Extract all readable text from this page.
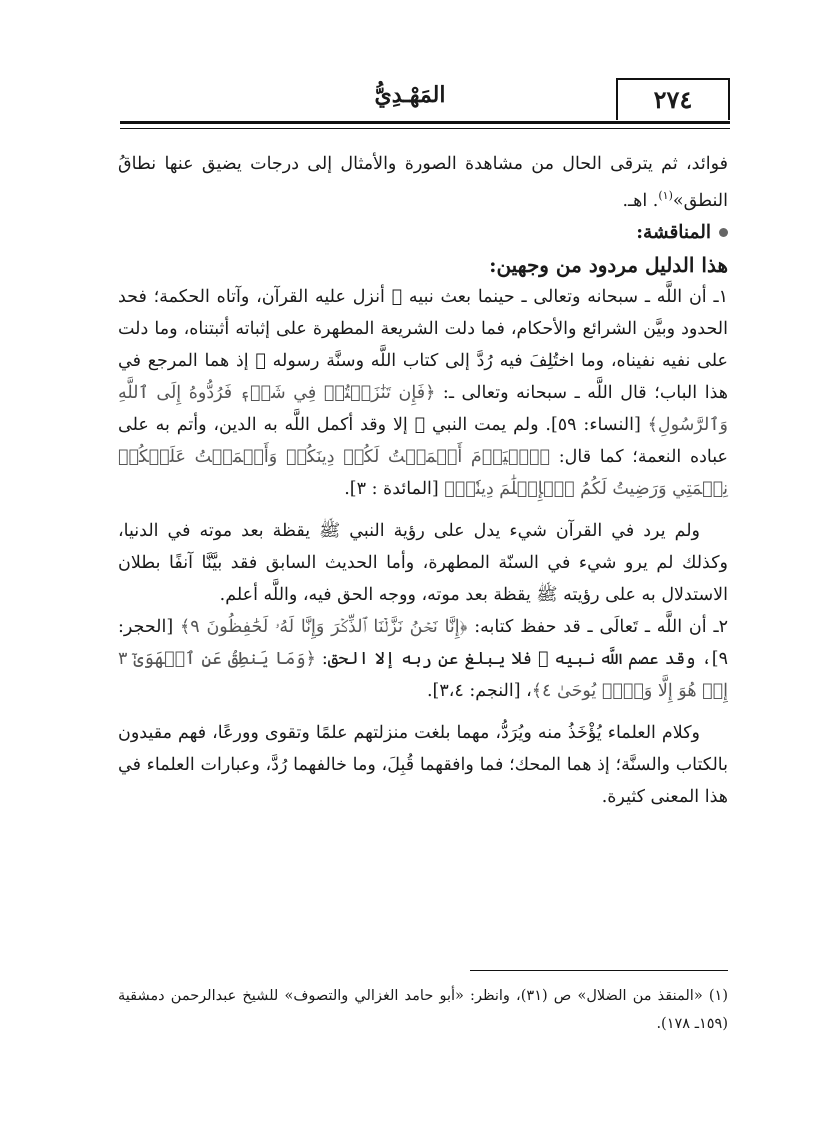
٢٧٤
المَهْـدِيُّ

فوائد، ثم يترقى الحال من مشاهدة الصورة والأمثال إلى درجات يضيق عنها نطاقُ النطق»$^{(١)}$. اهـ.

المناقشة:

هذا الدليل مردود من وجهين:

١ـ أن اللَّه ـ سبحانه وتعالى ـ حينما بعث نبيه ﷺ أنزل عليه القرآن، وآتاه الحكمة؛ فحد الحدود وبيَّن الشرائع والأحكام، فما دلت الشريعة المطهرة على إثباته أثبتناه، وما دلت على نفيه نفيناه، وما اختُلِفَ فيه رُدَّ إلى كتاب اللَّه وسنَّة رسوله ﷺ إذ هما المرجع في هذا الباب؛ قال اللَّه ـ سبحانه وتعالى ـ: ﴿فَإِن تَنَٰزَعۡتُمۡ فِي شَيۡءٖ فَرُدُّوهُ إِلَى ٱللَّهِ وَٱلرَّسُولِ﴾ [النساء: ٥٩]. ولم يمت النبي ﷺ إلا وقد أكمل اللَّه به الدين، وأتم به على عباده النعمة؛ كما قال: ﴿ٱلۡيَوۡمَ أَكۡمَلۡتُ لَكُمۡ دِينَكُمۡ وَأَتۡمَمۡتُ عَلَيۡكُمۡ نِعۡمَتِي وَرَضِيتُ لَكُمُ ٱلۡإِسۡلَٰمَ دِينٗاۚ﴾ [المائدة : ٣].

ولم يرد في القرآن شيء يدل على رؤية النبي ﷺ يقظة بعد موته في الدنيا، وكذلك لم يرو شيء في السنّة المطهرة، وأما الحديث السابق فقد بيَّنَّا آنفًا بطلان الاستدلال به على رؤيته ﷺ يقظة بعد موته، ووجه الحق فيه، واللَّه أعلم.

٢ـ أن اللَّه ـ تَعالَى ـ قد حفظ كتابه: ﴿إِنَّا نَحۡنُ نَزَّلۡنَا ٱلذِّكۡرَ وَإِنَّا لَهُۥ لَحَٰفِظُونَ ٩﴾ [الحجر: ٩]، وقد عصم اللَّه نبيه ﷺ فلا يبلغ عن ربه إلا الحق: ﴿وَمَا يَنطِقُ عَنِ ٱلۡهَوَىٰٓ ٣ إِنۡ هُوَ إِلَّا وَحۡيٞ يُوحَىٰ ٤﴾، [النجم: ٣،٤].

وكلام العلماء يُؤْخَذُ منه ويُرَدُّ، مهما بلغت منزلتهم علمًا وتقوى وورعًا، فهم مقيدون بالكتاب والسنَّة؛ إذ هما المحك؛ فما وافقهما قُبِلَ، وما خالفهما رُدَّ، وعبارات العلماء في هذا المعنى كثيرة.

(١) «المنقذ من الضلال» ص (٣١)، وانظر: «أبو حامد الغزالي والتصوف» للشيخ عبدالرحمن دمشقية (١٥٩ـ ١٧٨).
